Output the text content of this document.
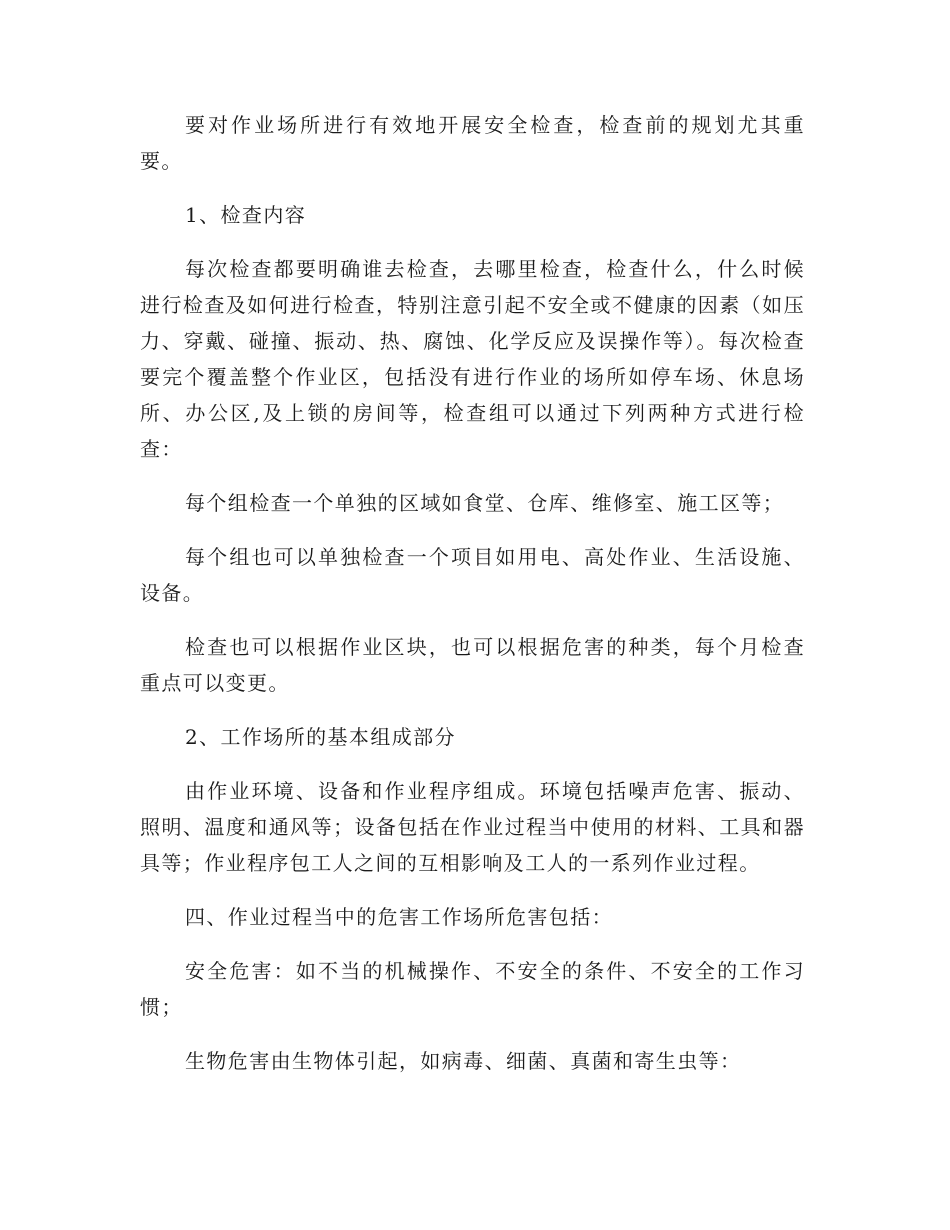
要对作业场所进行有效地开展安全检查，检查前的规划尤其重要。

1、检查内容

每次检查都要明确谁去检查，去哪里检查，检查什么，什么时候进行检查及如何进行检查，特别注意引起不安全或不健康的因素（如压力、穿戴、碰撞、振动、热、腐蚀、化学反应及误操作等）。每次检查要完个覆盖整个作业区，包括没有进行作业的场所如停车场、休息场所、办公区,及上锁的房间等，检查组可以通过下列两种方式进行检查：

每个组检查一个单独的区域如食堂、仓库、维修室、施工区等；

每个组也可以单独检查一个项目如用电、高处作业、生活设施、设备。

检查也可以根据作业区块，也可以根据危害的种类，每个月检查重点可以变更。

2、工作场所的基本组成部分

由作业环境、设备和作业程序组成。环境包括噪声危害、振动、照明、温度和通风等；设备包括在作业过程当中使用的材料、工具和器具等；作业程序包工人之间的互相影响及工人的一系列作业过程。

四、作业过程当中的危害工作场所危害包括：

安全危害：如不当的机械操作、不安全的条件、不安全的工作习惯；

生物危害由生物体引起，如病毒、细菌、真菌和寄生虫等：
